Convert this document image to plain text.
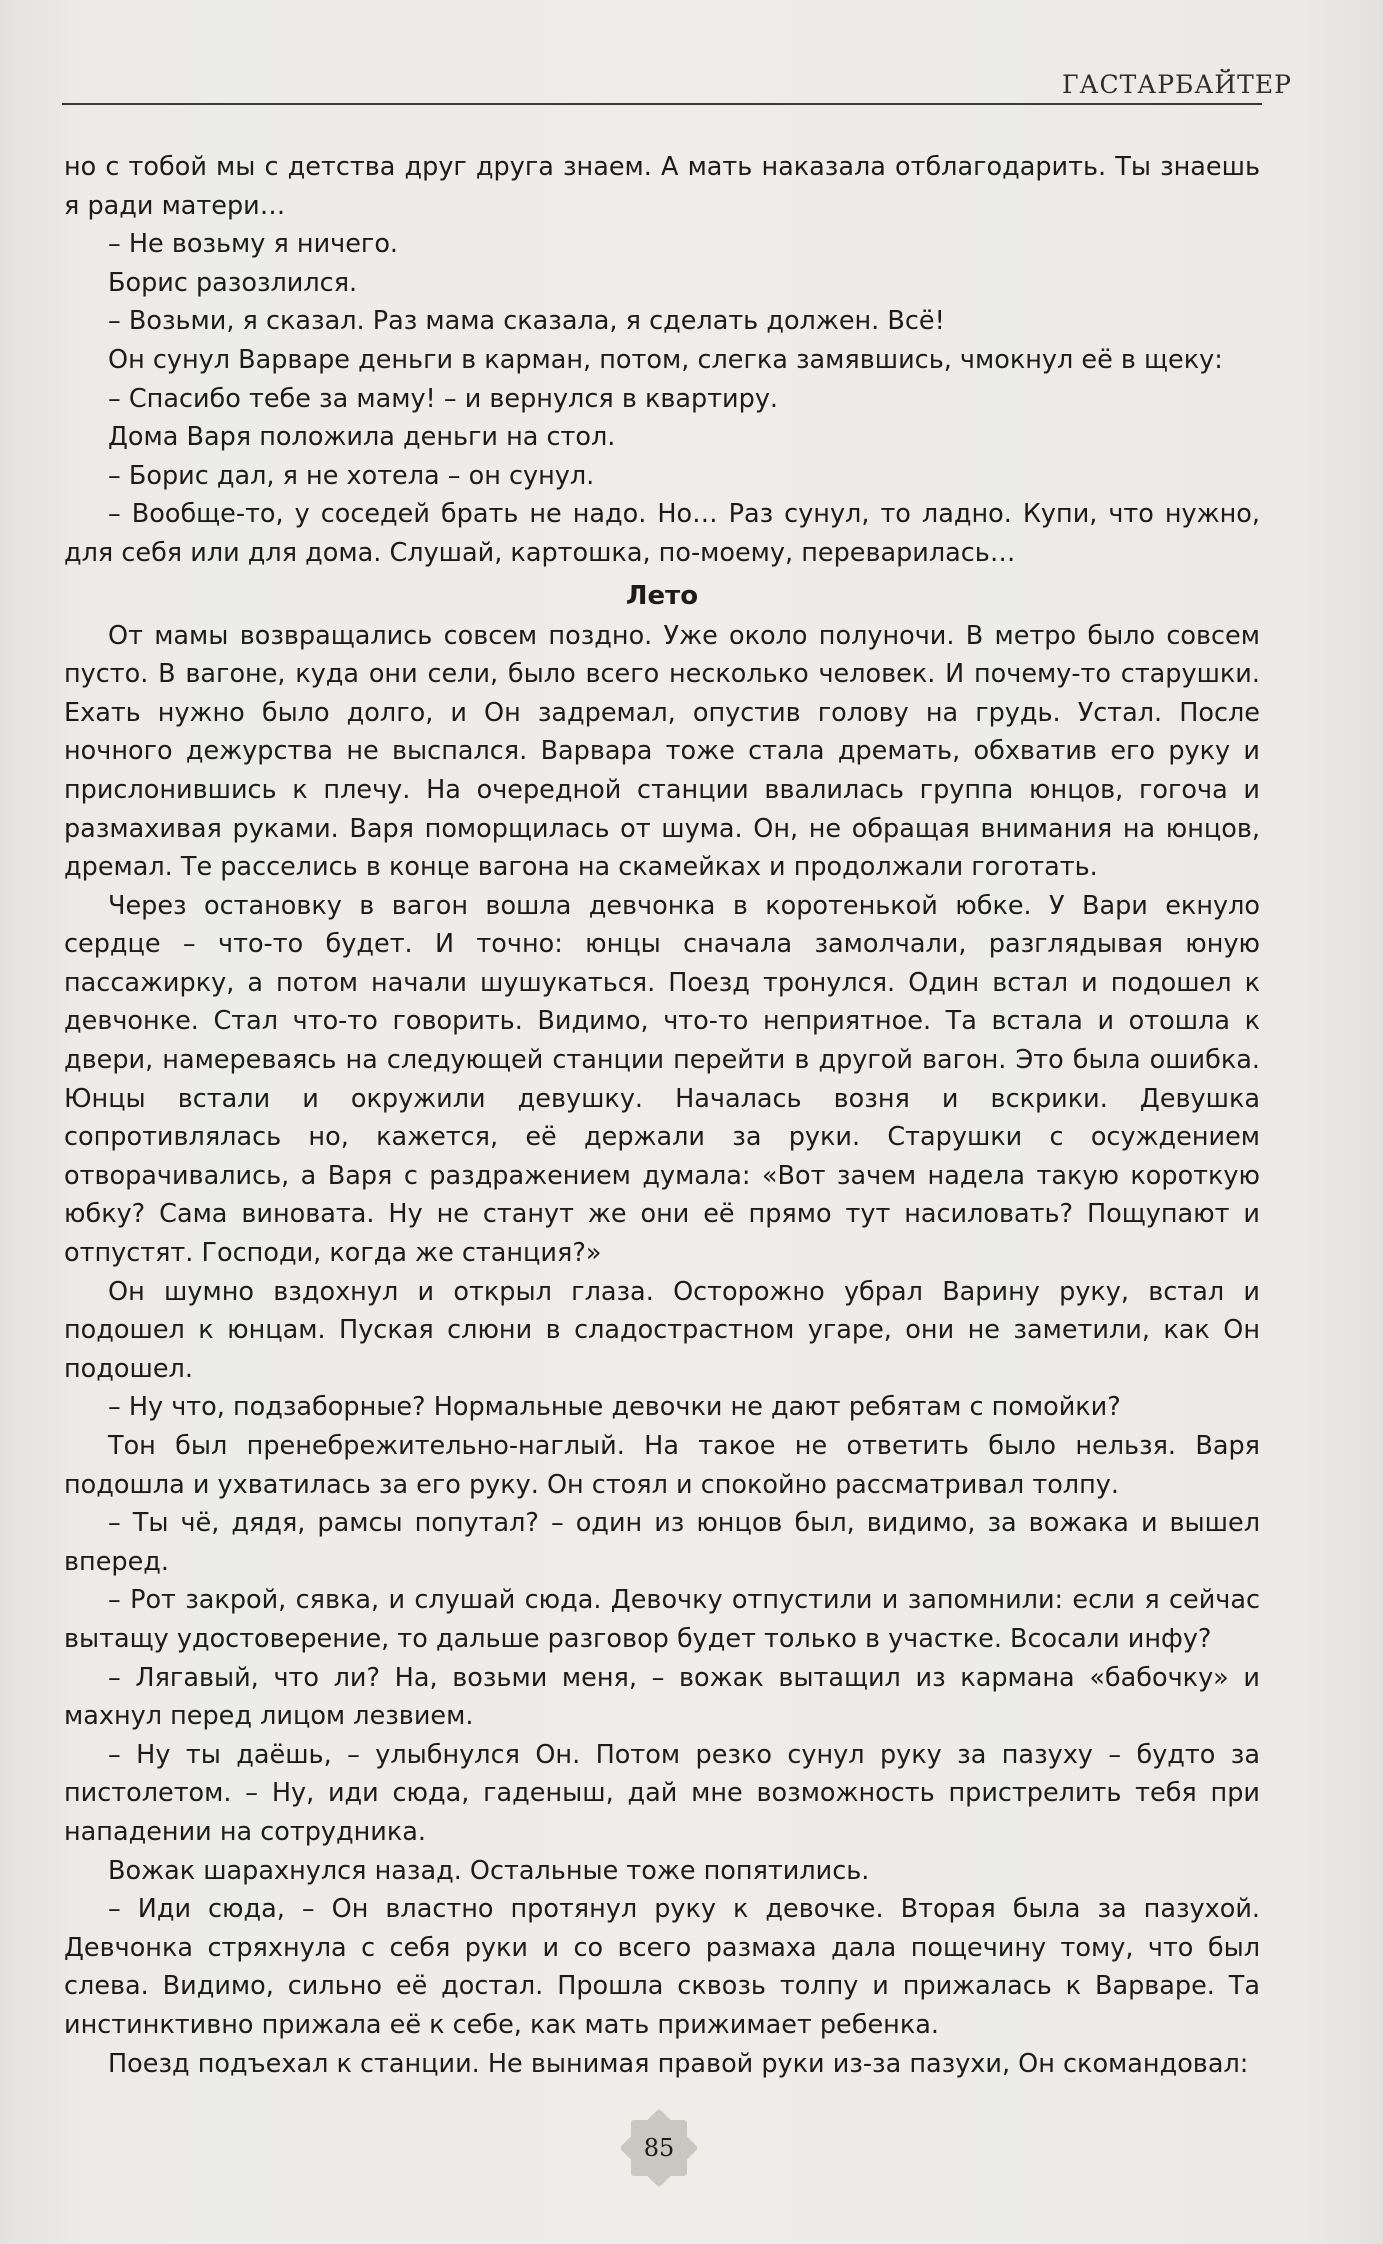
ГАСТАРБАЙТЕР

но с тобой мы с детства друг друга знаем. А мать наказала отблагодарить. Ты знаешь я ради матери…

– Не возьму я ничего.

Борис разозлился.

– Возьми, я сказал. Раз мама сказала, я сделать должен. Всё!

Он сунул Варваре деньги в карман, потом, слегка замявшись, чмокнул её в щеку:

– Спасибо тебе за маму! – и вернулся в квартиру.

Дома Варя положила деньги на стол.

– Борис дал, я не хотела – он сунул.

– Вообще-то, у соседей брать не надо. Но… Раз сунул, то ладно. Купи, что нужно, для себя или для дома. Слушай, картошка, по-моему, переварилась…

Лето

От мамы возвращались совсем поздно. Уже около полуночи. В метро было совсем пусто. В вагоне, куда они сели, было всего несколько человек. И почему-то старушки. Ехать нужно было долго, и Он задремал, опустив голову на грудь. Устал. После ночного дежурства не выспался. Варвара тоже стала дремать, обхватив его руку и прислонившись к плечу. На очередной станции ввалилась группа юнцов, гогоча и размахивая руками. Варя поморщилась от шума. Он, не обращая внимания на юнцов, дремал. Те расселись в конце вагона на скамейках и продолжали гоготать.

Через остановку в вагон вошла девчонка в коротенькой юбке. У Вари екнуло сердце – что-то будет. И точно: юнцы сначала замолчали, разглядывая юную пассажирку, а потом начали шушукаться. Поезд тронулся. Один встал и подошел к девчонке. Стал что-то говорить. Видимо, что-то неприятное. Та встала и отошла к двери, намереваясь на следующей станции перейти в другой вагон. Это была ошибка. Юнцы встали и окружили девушку. Началась возня и вскрики. Девушка сопротивлялась но, кажется, её держали за руки. Старушки с осуждением отворачивались, а Варя с раздражением думала: «Вот зачем надела такую короткую юбку? Сама виновата. Ну не станут же они её прямо тут насиловать? Пощупают и отпустят. Господи, когда же станция?»

Он шумно вздохнул и открыл глаза. Осторожно убрал Варину руку, встал и подошел к юнцам. Пуская слюни в сладострастном угаре, они не заметили, как Он подошел.

– Ну что, подзаборные? Нормальные девочки не дают ребятам с помойки?

Тон был пренебрежительно-наглый. На такое не ответить было нельзя. Варя подошла и ухватилась за его руку. Он стоял и спокойно рассматривал толпу.

– Ты чё, дядя, рамсы попутал? – один из юнцов был, видимо, за вожака и вышел вперед.

– Рот закрой, сявка, и слушай сюда. Девочку отпустили и запомнили: если я сейчас вытащу удостоверение, то дальше разговор будет только в участке. Всосали инфу?

– Лягавый, что ли? На, возьми меня, – вожак вытащил из кармана «бабочку» и махнул перед лицом лезвием.

– Ну ты даёшь, – улыбнулся Он. Потом резко сунул руку за пазуху – будто за пистолетом. – Ну, иди сюда, гаденыш, дай мне возможность пристрелить тебя при нападении на сотрудника.

Вожак шарахнулся назад. Остальные тоже попятились.

– Иди сюда, – Он властно протянул руку к девочке. Вторая была за пазухой. Девчонка стряхнула с себя руки и со всего размаха дала пощечину тому, что был слева. Видимо, сильно её достал. Прошла сквозь толпу и прижалась к Варваре. Та инстинктивно прижала её к себе, как мать прижимает ребенка.

Поезд подъехал к станции. Не вынимая правой руки из-за пазухи, Он скомандовал:

85
